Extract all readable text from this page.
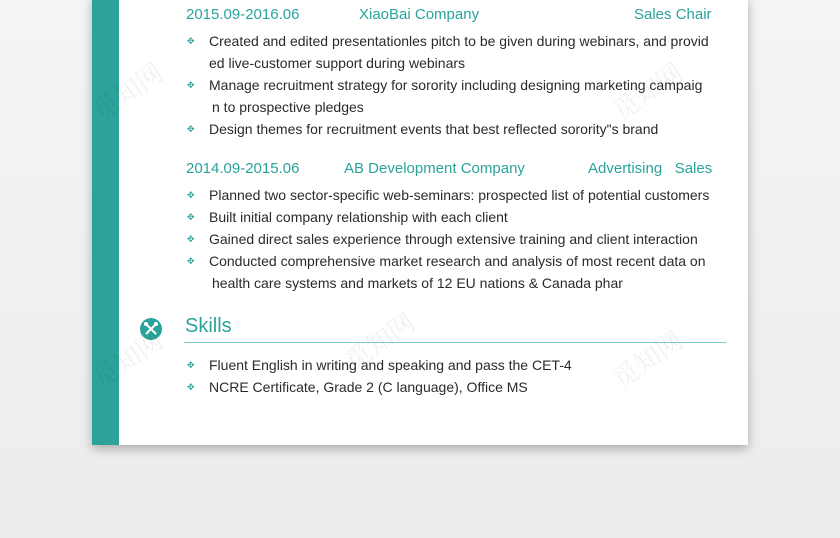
2015.09-2016.06	XiaoBai Company	Sales Chair
✥ Created and edited presentationles pitch to be given during webinars, and provid
ed live-customer support during webinars
✥ Manage recruitment strategy for sorority including designing marketing campaig
n to prospective pledges
✥ Design themes for recruitment events that best reflected sorority"s brand
2014.09-2015.06	AB Development Company	Advertising   Sales
✥ Planned two sector-specific web-seminars: prospected list of potential customers
✥ Built initial company relationship with each client
✥ Gained direct sales experience through extensive training and client interaction
✥ Conducted comprehensive market research and analysis of most recent data on
health care systems and markets of 12 EU nations & Canada phar
Skills
✥ Fluent English in writing and speaking and pass the CET-4
✥ NCRE Certificate, Grade 2 (C language), Office MS
